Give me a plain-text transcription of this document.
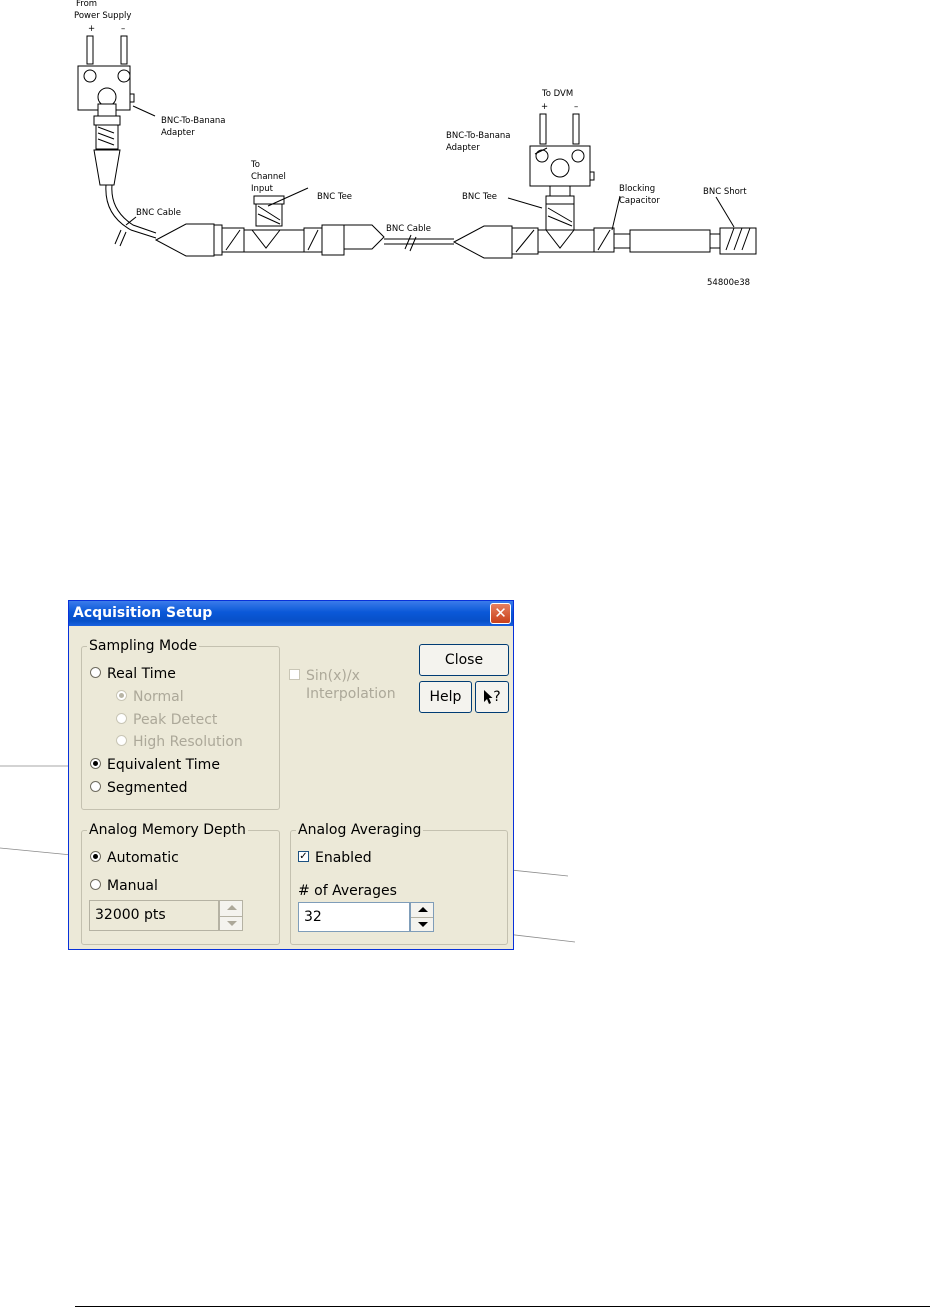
From
Power Supply
+	–
BNC-To-Banana
Adapter
BNC Cable
To
Channel
Input
BNC Tee
BNC Cable
To DVM
+	–
BNC-To-Banana
Adapter
BNC Tee
Blocking
Capacitor
BNC Short
54800e38
Acquisition Setup	✕
Sampling Mode
Real Time
Normal
Peak Detect
High Resolution
Equivalent Time
Segmented
Sin(x)/x
Interpolation
Close
Help	?
Analog Memory Depth
Automatic
Manual
32000 pts
Analog Averaging
✓ Enabled
# of Averages
32
